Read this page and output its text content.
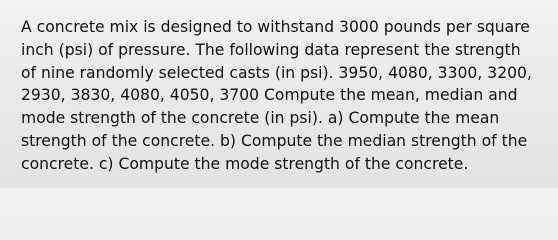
A concrete mix is designed to withstand 3000 pounds per square
inch (psi) of pressure. The following data represent the strength
of nine randomly selected casts (in psi). 3950, 4080, 3300, 3200,
2930, 3830, 4080, 4050, 3700 Compute the mean, median and
mode strength of the concrete (in psi). a) Compute the mean
strength of the concrete. b) Compute the median strength of the
concrete. c) Compute the mode strength of the concrete.
